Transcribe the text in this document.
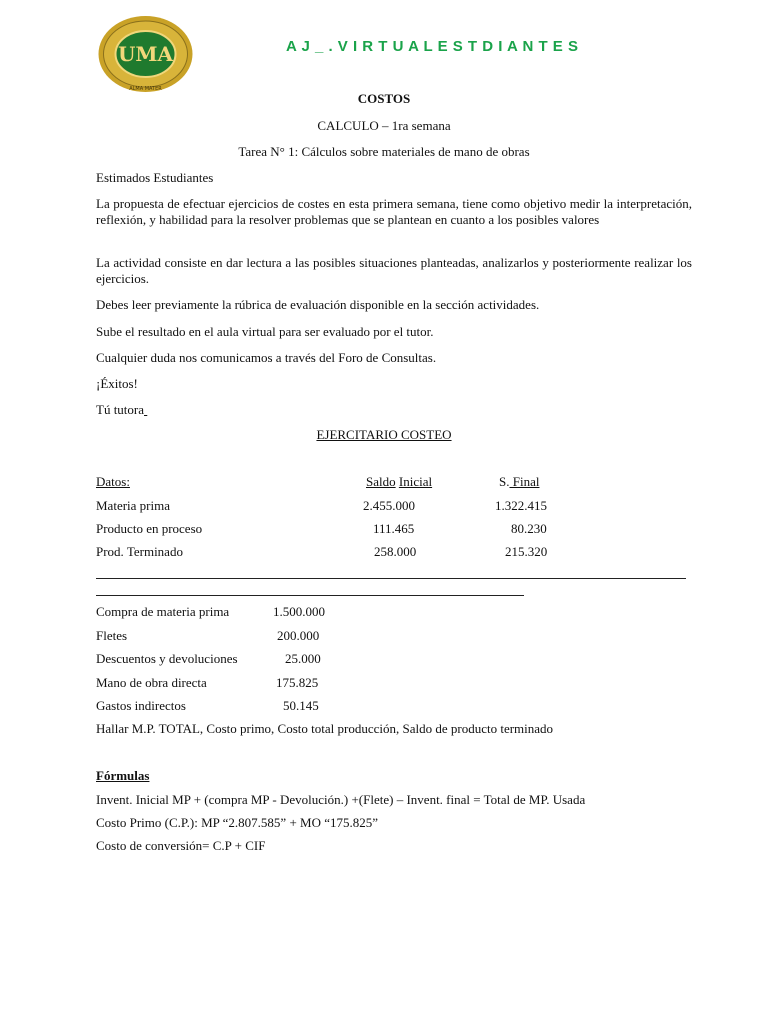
UMA
ALMA MATER
A J _ . V I R T U A L E S T D I A N T E S
COSTOS
CALCULO – 1ra semana
Tarea N° 1: Cálculos sobre materiales de mano de obras
Estimados Estudiantes
La propuesta de efectuar ejercicios de costes en esta primera semana, tiene como objetivo medir la interpretación, reflexión, y habilidad para la resolver problemas que se plantean en cuanto a los posibles valores
La actividad consiste en dar lectura a las posibles situaciones planteadas, analizarlos y posteriormente realizar los ejercicios.
Debes leer previamente la rúbrica de evaluación disponible en la sección actividades.
Sube el resultado en el aula virtual para ser evaluado por el tutor.
Cualquier duda nos comunicamos a través del Foro de Consultas.
¡Éxitos!
Tú tutora
EJERCITARIO COSTEO
Datos:	Saldo Inicial	S. Final
Materia prima	2.455.000	1.322.415
Producto en proceso	111.465	80.230
Prod. Terminado	258.000	215.320
Compra de materia prima	1.500.000
Fletes	200.000
Descuentos y devoluciones	25.000
Mano de obra directa	175.825
Gastos indirectos	50.145
Hallar M.P. TOTAL, Costo primo, Costo total producción, Saldo de producto terminado
Fórmulas
Invent. Inicial MP + (compra MP - Devolución.) +(Flete) – Invent. final = Total de MP. Usada
Costo Primo (C.P.): MP “2.807.585” + MO “175.825”
Costo de conversión= C.P + CIF
